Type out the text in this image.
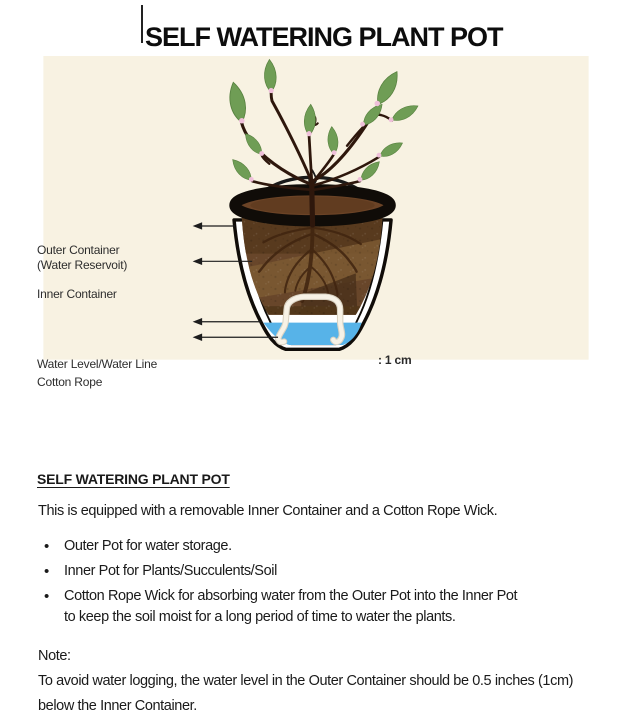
SELF WATERING PLANT POT
Outer Container
(Water Reservoit)
Inner Container
Water Level/Water Line
Cotton Rope
: 1 cm
SELF WATERING PLANT POT
This is equipped with a removable Inner Container and a Cotton Rope Wick.
• Outer Pot for water storage.
• Inner Pot for Plants/Succulents/Soil
• Cotton Rope Wick for absorbing water from the Outer Pot into the Inner Pot
to keep the soil moist for a long period of time to water the plants.
Note:
To avoid water logging, the water level in the Outer Container should be 0.5 inches (1cm)
below the Inner Container.
